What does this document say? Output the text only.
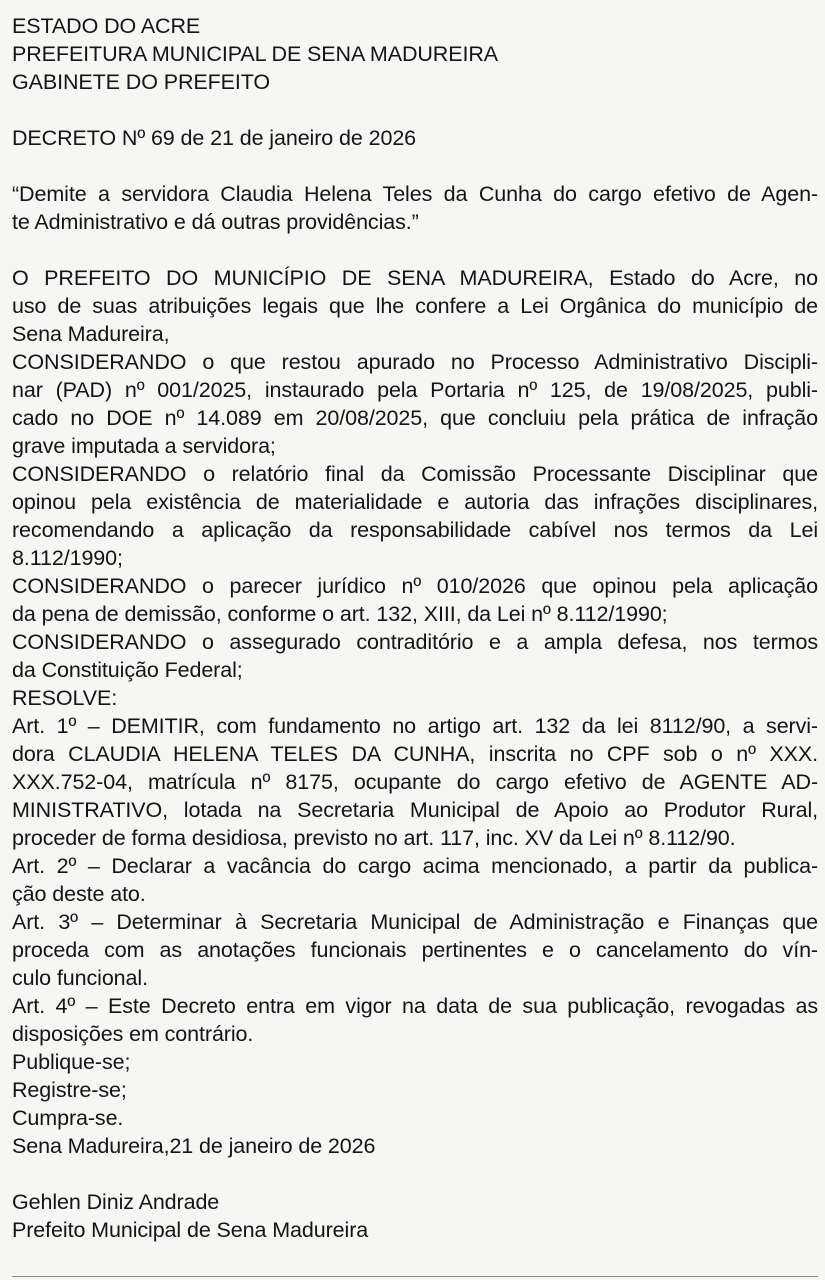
ESTADO DO ACRE
PREFEITURA MUNICIPAL DE SENA MADUREIRA
GABINETE DO PREFEITO
DECRETO Nº 69 de 21 de janeiro de 2026
“Demite a servidora Claudia Helena Teles da Cunha do cargo efetivo de Agen-
te Administrativo e dá outras providências.”
O PREFEITO DO MUNICÍPIO DE SENA MADUREIRA, Estado do Acre, no
uso de suas atribuições legais que lhe confere a Lei Orgânica do município de
Sena Madureira,
CONSIDERANDO o que restou apurado no Processo Administrativo Discipli-
nar (PAD) nº 001/2025, instaurado pela Portaria nº 125, de 19/08/2025, publi-
cado no DOE nº 14.089 em 20/08/2025, que concluiu pela prática de infração
grave imputada a servidora;
CONSIDERANDO o relatório final da Comissão Processante Disciplinar que
opinou pela existência de materialidade e autoria das infrações disciplinares,
recomendando a aplicação da responsabilidade cabível nos termos da Lei
8.112/1990;
CONSIDERANDO o parecer jurídico nº 010/2026 que opinou pela aplicação
da pena de demissão, conforme o art. 132, XIII, da Lei nº 8.112/1990;
CONSIDERANDO o assegurado contraditório e a ampla defesa, nos termos
da Constituição Federal;
RESOLVE:
Art. 1º – DEMITIR, com fundamento no artigo art. 132 da lei 8112/90, a servi-
dora CLAUDIA HELENA TELES DA CUNHA, inscrita no CPF sob o nº XXX.
XXX.752-04, matrícula nº 8175, ocupante do cargo efetivo de AGENTE AD-
MINISTRATIVO, lotada na Secretaria Municipal de Apoio ao Produtor Rural,
proceder de forma desidiosa, previsto no art. 117, inc. XV da Lei nº 8.112/90.
Art. 2º – Declarar a vacância do cargo acima mencionado, a partir da publica-
ção deste ato.
Art. 3º – Determinar à Secretaria Municipal de Administração e Finanças que
proceda com as anotações funcionais pertinentes e o cancelamento do vín-
culo funcional.
Art. 4º – Este Decreto entra em vigor na data de sua publicação, revogadas as
disposições em contrário.
Publique-se;
Registre-se;
Cumpra-se.
Sena Madureira,21 de janeiro de 2026
Gehlen Diniz Andrade
Prefeito Municipal de Sena Madureira
